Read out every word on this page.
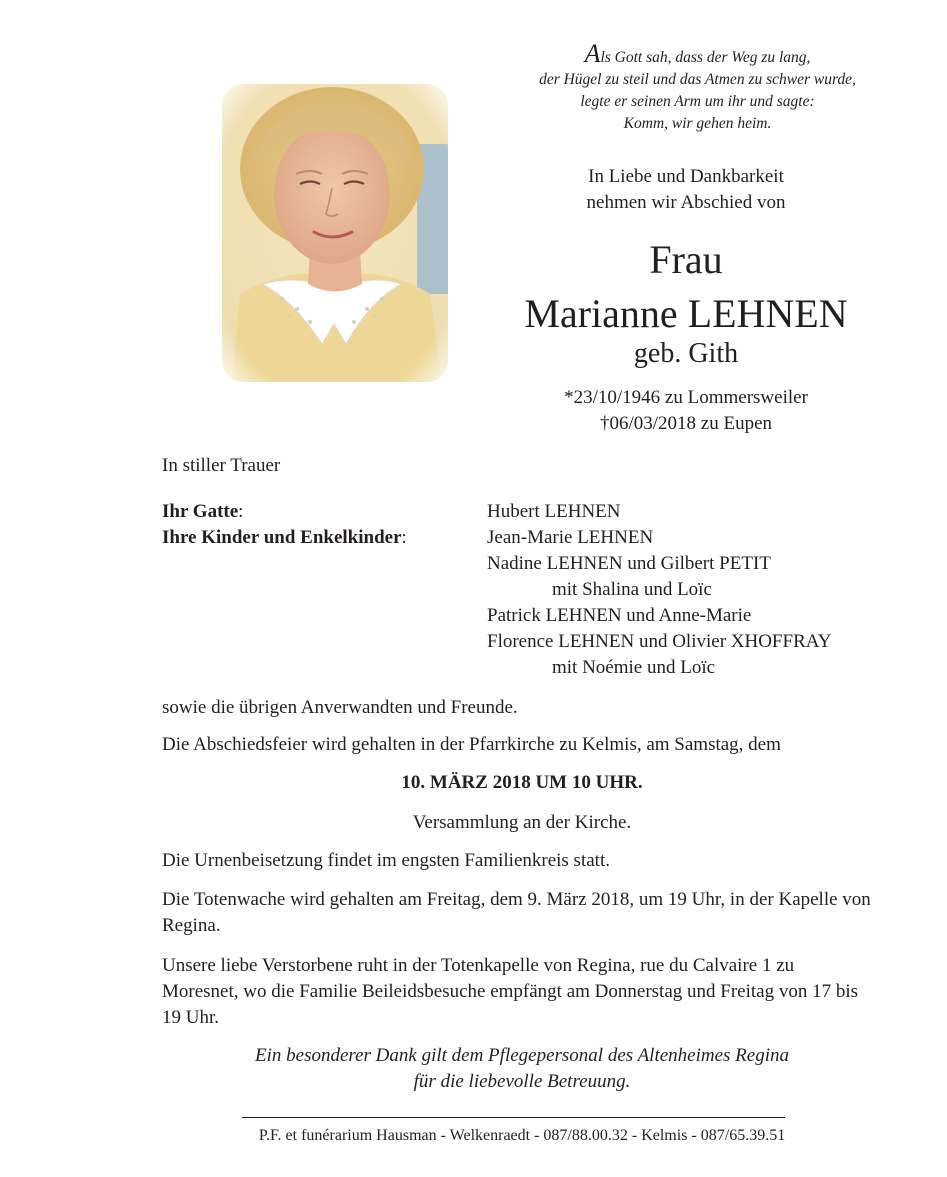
Als Gott sah, dass der Weg zu lang,
der Hügel zu steil und das Atmen zu schwer wurde,
legte er seinen Arm um ihr und sagte:
Komm, wir gehen heim.
In Liebe und Dankbarkeit
nehmen wir Abschied von
Frau
Marianne LEHNEN
geb. Gith
*23/10/1946 zu Lommersweiler
†06/03/2018 zu Eupen
In stiller Trauer
Ihr Gatte:	Hubert LEHNEN
Ihre Kinder und Enkelkinder:	Jean-Marie LEHNEN
Nadine LEHNEN und Gilbert PETIT
mit Shalina und Loïc
Patrick LEHNEN und Anne-Marie
Florence LEHNEN und Olivier XHOFFRAY
mit Noémie und Loïc
sowie die übrigen Anverwandten und Freunde.
Die Abschiedsfeier wird gehalten in der Pfarrkirche zu Kelmis, am Samstag, dem
10. MÄRZ 2018 UM 10 UHR.
Versammlung an der Kirche.
Die Urnenbeisetzung findet im engsten Familienkreis statt.
Die Totenwache wird gehalten am Freitag, dem 9. März 2018, um 19 Uhr, in der Kapelle von Regina.
Unsere liebe Verstorbene ruht in der Totenkapelle von Regina, rue du Calvaire 1 zu Moresnet, wo die Familie Beileidsbesuche empfängt am Donnerstag und Freitag von 17 bis 19 Uhr.
Ein besonderer Dank gilt dem Pflegepersonal des Altenheimes Regina
für die liebevolle Betreuung.
P.F. et funérarium Hausman - Welkenraedt - 087/88.00.32 - Kelmis - 087/65.39.51
